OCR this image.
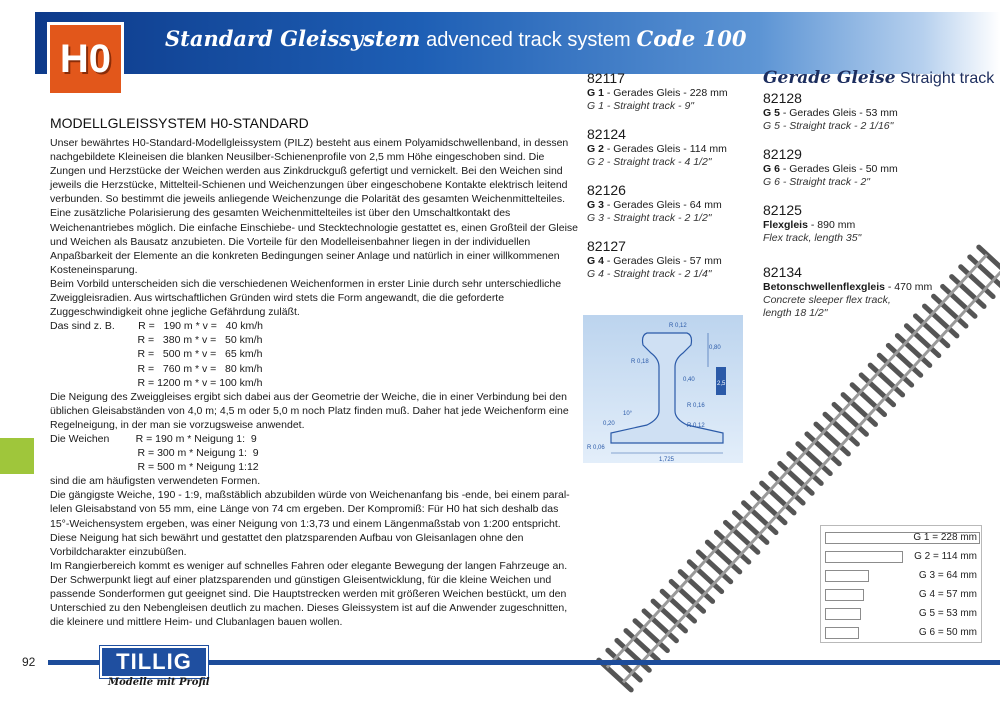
Standard Gleissystem advenced track system Code 100
H0
MODELLGLEISSYSTEM H0-STANDARD
Unser bewährtes H0-Standard-Modellgleissystem (PILZ) besteht aus einem Polyamidschwellenband, in dessen
nachgebildete Kleineisen die blanken Neusilber-Schienenprofile von 2,5 mm Höhe eingeschoben sind. Die
Zungen und Herzstücke der Weichen werden aus Zinkdruckguß gefertigt und vernickelt. Bei den Weichen sind
jeweils die Herzstücke, Mittelteil-Schienen und Weichenzungen über eingeschobene Kontakte elektrisch leitend
verbunden. So bestimmt die jeweils anliegende Weichenzunge die Polarität des gesamten Weichenmittelteiles.
Eine zusätzliche Polarisierung des gesamten Weichenmittelteiles ist über den Umschaltkontakt des
Weichenantriebes möglich. Die einfache Einschiebe- und Stecktechnologie gestattet es, einen Großteil der Gleise
und Weichen als Bausatz anzubieten. Die Vorteile für den Modelleisenbahner liegen in der individuellen
Anpaßbarkeit der Elemente an die konkreten Bedingungen seiner Anlage und natürlich in einer willkommenen
Kosteneinsparung.
Beim Vorbild unterscheiden sich die verschiedenen Weichenformen in erster Linie durch sehr unterschiedliche
Zweiggleisradien. Aus wirtschaftlichen Gründen wird stets die Form angewandt, die die geforderte
Zuggeschwindigkeit ohne jegliche Gefährdung zuläßt.
Das sind z. B.        R =   190 m * v =   40 km/h
R =   380 m * v =   50 km/h
R =   500 m * v =   65 km/h
R =   760 m * v =   80 km/h
R = 1200 m * v = 100 km/h
Die Neigung des Zweiggleises ergibt sich dabei aus der Geometrie der Weiche, die in einer Verbindung bei den
üblichen Gleisabständen von 4,0 m; 4,5 m oder 5,0 m noch Platz finden muß. Daher hat jede Weichenform eine
Regelneigung, in der man sie vorzugsweise anwendet.
Die Weichen         R = 190 m * Neigung 1:  9
R = 300 m * Neigung 1:  9
R = 500 m * Neigung 1:12
sind die am häufigsten verwendeten Formen.
Die gängigste Weiche, 190 - 1:9, maßstäblich abzubilden würde von Weichenanfang bis -ende, bei einem paral-
lelen Gleisabstand von 55 mm, eine Länge von 74 cm ergeben. Der Kompromiß: Für H0 hat sich deshalb das
15°-Weichensystem ergeben, was einer Neigung von 1:3,73 und einem Längenmaßstab von 1:200 entspricht.
Diese Neigung hat sich bewährt und gestattet den platzsparenden Aufbau von Gleisanlagen ohne den
Vorbildcharakter einzubüßen.
Im Rangierbereich kommt es weniger auf schnelles Fahren oder elegante Bewegung der langen Fahrzeuge an.
Der Schwerpunkt liegt auf einer platzsparenden und günstigen Gleisentwicklung, für die kleine Weichen und
passende Sonderformen gut geeignet sind. Die Hauptstrecken werden mit größeren Weichen bestückt, um den
Unterschied zu den Nebengleisen deutlich zu machen. Dieses Gleissystem ist auf die Anwender zugeschnitten,
die kleinere und mittlere Heim- und Clubanlagen bauen wollen.
R 0,12
0,40
R 0,18
R 0,16
0,80
2,5
R 0,12
0,20
10°
R 0,06
1,725
Gerade Gleise Straight track
82117
G 1 - Gerades Gleis - 228 mm
G 1 - Straight track - 9"
82124
G 2 - Gerades Gleis - 114 mm
G 2 - Straight track - 4 1/2"
82126
G 3 - Gerades Gleis - 64 mm
G 3 - Straight track - 2 1/2"
82127
G 4 - Gerades Gleis - 57 mm
G 4 - Straight track - 2 1/4"
82128
G 5 - Gerades Gleis - 53 mm
G 5 - Straight track - 2 1/16"
82129
G 6 - Gerades Gleis - 50 mm
G 6 - Straight track - 2"
82125
Flexgleis - 890 mm
Flex track, length 35"
82134
Betonschwellenflexgleis - 470 mm
Concrete sleeper flex track,
length 18 1/2"
G 1 = 228 mm
G 2 = 114 mm
G 3 = 64 mm
G 4 = 57 mm
G 5 = 53 mm
G 6 = 50 mm
92	TILLIG
Modelle mit Profil
